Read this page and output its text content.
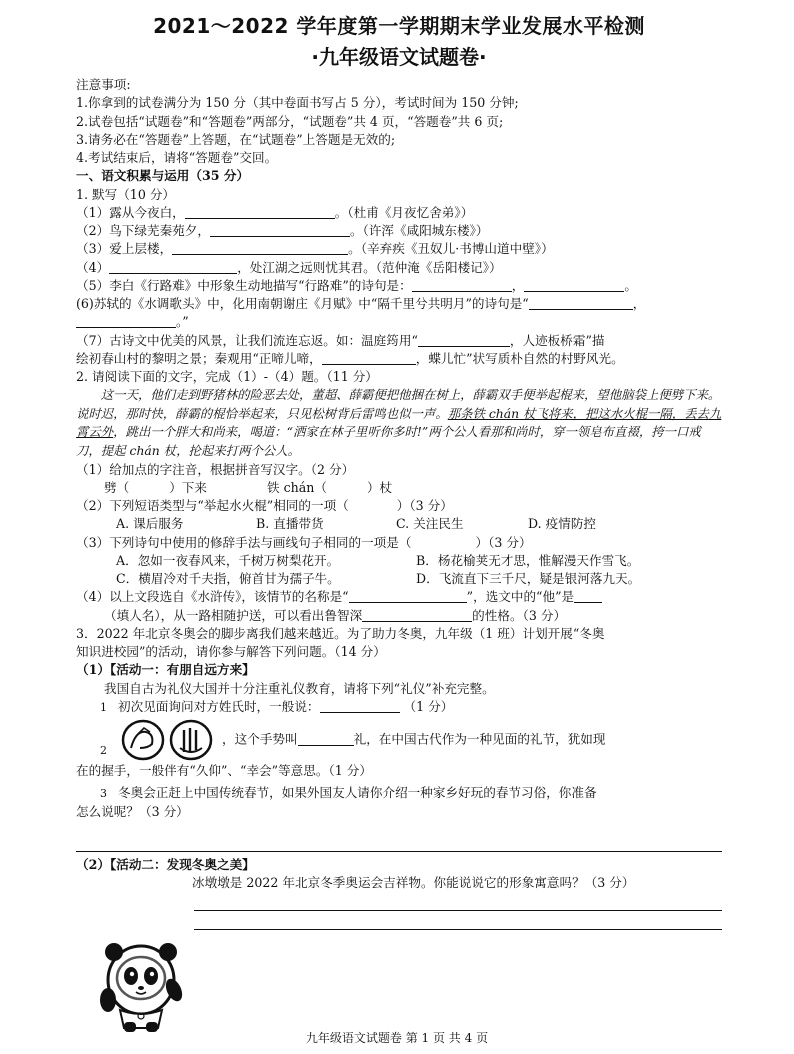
2021～2022 学年度第一学期期末学业发展水平检测
·九年级语文试题卷·

注意事项:

1.你拿到的试卷满分为 150 分（其中卷面书写占 5 分），考试时间为 150 分钟;

2.试卷包括“试题卷”和“答题卷”两部分，“试题卷”共 4 页，“答题卷”共 6 页;

3.请务必在“答题卷”上答题，在“试题卷”上答题是无效的;

4.考试结束后，请将“答题卷”交回。

一、语文积累与运用（35 分）

1. 默写（10 分）

（1）露从今夜白，	。（杜甫《月夜忆舍弟》）

（2）鸟下绿芜秦苑夕，	。（许浑《咸阳城东楼》）

（3）爱上层楼，	。（辛弃疾《丑奴儿·书博山道中壁》）

（4）	，处江湖之远则忧其君。（范仲淹《岳阳楼记》）

（5）李白《行路难》中形象生动地描写“行路难”的诗句是：	，	。

(6)苏轼的《水调歌头》中，化用南朝谢庄《月赋》中“隔千里兮共明月”的诗句是“	，

。”

（7）古诗文中优美的风景，让我们流连忘返。如：温庭筠用“	，人迹板桥霜”描

绘初春山村的黎明之景；秦观用“正啼儿啼，	，蝶儿忙”状写质朴自然的村野风光。

2. 请阅读下面的文字，完成（1）-（4）题。（11 分）

这一天，他们走到野猪林的险恶去处，董超、薛霸便把他捆在树上，薛霸双手便举起棍来，望他脑袋上便劈下来。说时迟，那时快，薛霸的棍恰举起来，只见松树背后雷鸣也似一声。那条铁 chán 杖飞将来，把这水火棍一隔，丢去九霄云外，跳出一个胖大和尚来，喝道：“洒家在林子里听你多时!”两个公人看那和尚时，穿一领皂布直裰，挎一口戒刀，提起 chán 杖，抡起来打两个公人。

（1）给加点的字注音，根据拼音写汉字。（2 分）

劈（	）下来	铁 chán（	）杖

（2）下列短语类型与“举起水火棍”相同的一项（	）（3 分）

A. 课后服务	B. 直播带货	C. 关注民生	D. 疫情防控

（3）下列诗句中使用的修辞手法与画线句子相同的一项是（	）（3 分）

A．忽如一夜春风来，千树万树梨花开。	B．杨花榆荚无才思，惟解漫天作雪飞。

C．横眉冷对千夫指，俯首甘为孺子牛。	D．飞流直下三千尺，疑是银河落九天。

（4）以上文段选自《水浒传》，该情节的名称是“	”，选文中的“他”是

（填人名），从一路相随护送，可以看出鲁智深	的性格。（3 分）

3．2022 年北京冬奥会的脚步离我们越来越近。为了助力冬奥，九年级（1 班）计划开展“冬奥

知识进校园”的活动，请你参与解答下列问题。（14 分）

（1）【活动一：有朋自远方来】

我国自古为礼仪大国并十分注重礼仪教育，请将下列“礼仪”补充完整。

1 初次见面询问对方姓氏时，一般说：	（1 分）

2  ，这个手势叫	礼，在中国古代作为一种见面的礼节，犹如现

在的握手，一般伴有“久仰”、“幸会”等意思。（1 分）

3 冬奥会正赶上中国传统春节，如果外国友人请你介绍一种家乡好玩的春节习俗，你准备

怎么说呢？（3 分）

（2）【活动二：发现冬奥之美】

冰墩墩是 2022 年北京冬季奥运会吉祥物。你能说说它的形象寓意吗？（3 分）

九年级语文试题卷 第 1 页 共 4 页
